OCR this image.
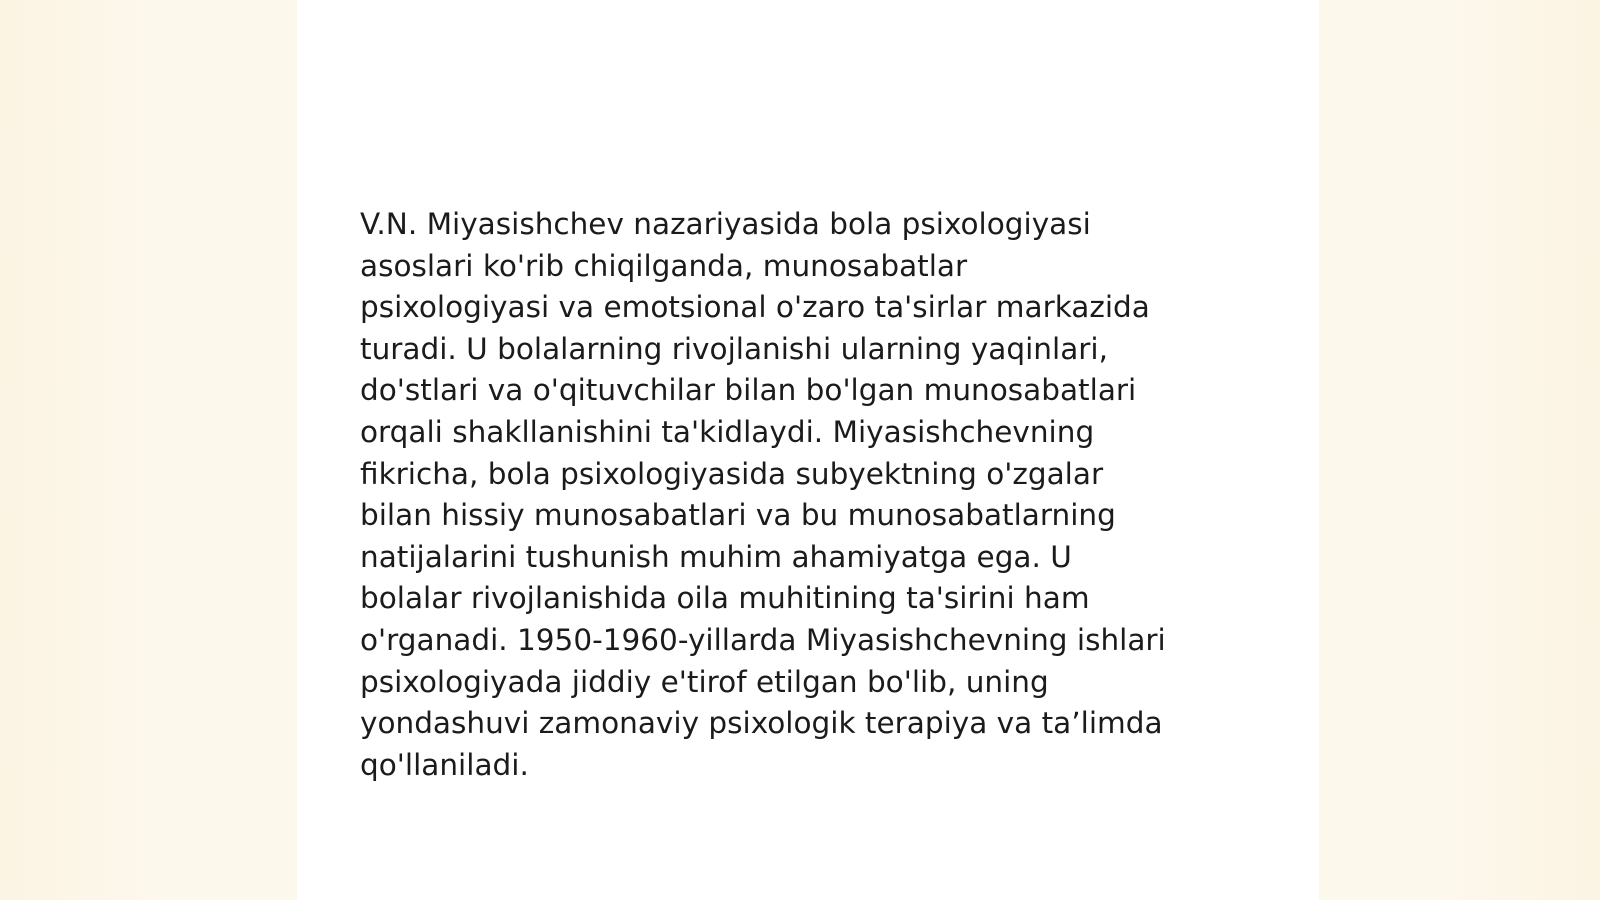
V.N. Miyasishchev nazariyasida bola psixologiyasi
asoslari ko'rib chiqilganda, munosabatlar
psixologiyasi va emotsional o'zaro ta'sirlar markazida
turadi. U bolalarning rivojlanishi ularning yaqinlari,
do'stlari va o'qituvchilar bilan bo'lgan munosabatlari
orqali shakllanishini ta'kidlaydi. Miyasishchevning
fikricha, bola psixologiyasida subyektning o'zgalar
bilan hissiy munosabatlari va bu munosabatlarning
natijalarini tushunish muhim ahamiyatga ega. U
bolalar rivojlanishida oila muhitining ta'sirini ham
o'rganadi. 1950-1960-yillarda Miyasishchevning ishlari
psixologiyada jiddiy e'tirof etilgan bo'lib, uning
yondashuvi zamonaviy psixologik terapiya va ta’limda
qo'llaniladi.
